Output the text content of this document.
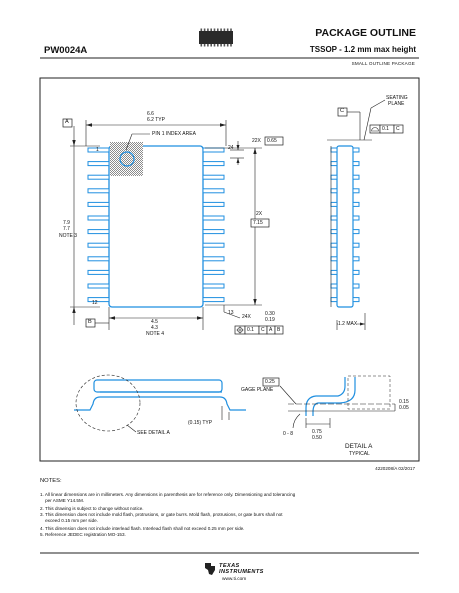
PACKAGE OUTLINE
TSSOP - 1.2 mm max height
PW0024A
SMALL OUTLINE PACKAGE
A
B
C
SEATING
PLANE
0.1 C
6.6
6.2 TYP
PIN 1 INDEX AREA
1
12
13
24
22X 0.65
2X
7.15
7.9
7.7
NOTE 3
4.5
4.3
NOTE 4
24X	0.30
0.19
0.1 C A B
1.2 MAX
SEE DETAIL A
(0.15) TYP
0.25
GAGE PLANE
0 - 8
0.15
0.05
0.75
0.50
DETAIL A
TYPICAL
4220208/A 02/2017
NOTES:
1. All linear dimensions are in millimeters. Any dimensions in parenthesis are for reference only. Dimensioning and tolerancing
per ASME Y14.5M.
2. This drawing is subject to change without notice.
3. This dimension does not include mold flash, protrusions, or gate burrs. Mold flash, protrusions, or gate burrs shall not
exceed 0.15 mm per side.
4. This dimension does not include interlead flash. Interlead flash shall not exceed 0.25 mm per side.
5. Reference JEDEC registration MO-153.
TEXAS
INSTRUMENTS
www.ti.com
